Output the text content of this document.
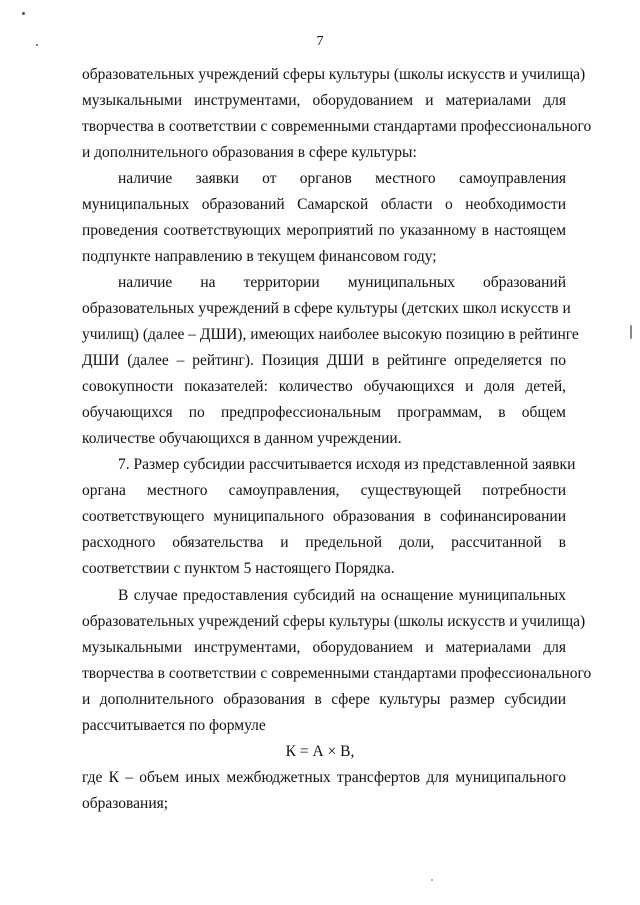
7
образовательных учреждений сферы культуры (школы искусств и училища)
музыкальными инструментами, оборудованием и материалами для
творчества в соответствии с современными стандартами профессионального
и дополнительного образования в сфере культуры:
наличие заявки от органов местного самоуправления
муниципальных образований Самарской области о необходимости
проведения соответствующих мероприятий по указанному в настоящем
подпункте направлению в текущем финансовом году;
наличие на территории муниципальных образований
образовательных учреждений в сфере культуры (детских школ искусств и
училищ) (далее – ДШИ), имеющих наиболее высокую позицию в рейтинге
ДШИ (далее – рейтинг). Позиция ДШИ в рейтинге определяется по
совокупности показателей: количество обучающихся и доля детей,
обучающихся по предпрофессиональным программам, в общем
количестве обучающихся в данном учреждении.
7. Размер субсидии рассчитывается исходя из представленной заявки
органа местного самоуправления, существующей потребности
соответствующего муниципального образования в софинансировании
расходного обязательства и предельной доли, рассчитанной в
соответствии с пунктом 5 настоящего Порядка.
В случае предоставления субсидий на оснащение муниципальных
образовательных учреждений сферы культуры (школы искусств и училища)
музыкальными инструментами, оборудованием и материалами для
творчества в соответствии с современными стандартами профессионального
и дополнительного образования в сфере культуры размер субсидии
рассчитывается по формуле
К = А × В,
где К – объем иных межбюджетных трансфертов для муниципального
образования;
